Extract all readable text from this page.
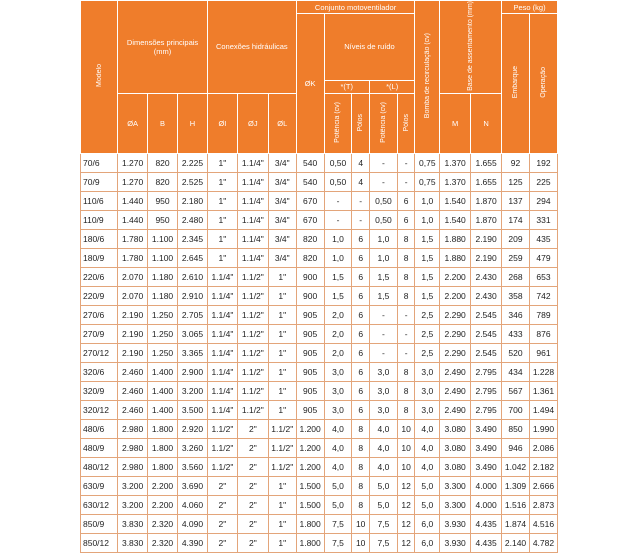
Modelo	Dimensões principais (mm)			Conexões hidráulicas			Conjunto motoventilador					Bomba de recirculação (cv)	Base de assentamento (mm)		Peso (kg)	
							ØK	Níveis de ruído							Embarque	Operação
								*(T)		*(L)						
	ØA	B	H	ØI	ØJ	ØL		Potência (cv)	Pólos	Potência (cv)	Pólos		M	N		
70/6	1.270	820	2.225	1"	1.1/4"	3/4"	540	0,50	4	-	-	0,75	1.370	1.655	92	192
70/9	1.270	820	2.525	1"	1.1/4"	3/4"	540	0,50	4	-	-	0,75	1.370	1.655	125	225
110/6	1.440	950	2.180	1"	1.1/4"	3/4"	670	-	-	0,50	6	1,0	1.540	1.870	137	294
110/9	1.440	950	2.480	1"	1.1/4"	3/4"	670	-	-	0,50	6	1,0	1.540	1.870	174	331
180/6	1.780	1.100	2.345	1"	1.1/4"	3/4"	820	1,0	6	1,0	8	1,5	1.880	2.190	209	435
180/9	1.780	1.100	2.645	1"	1.1/4"	3/4"	820	1,0	6	1,0	8	1,5	1.880	2.190	259	479
220/6	2.070	1.180	2.610	1.1/4"	1.1/2"	1"	900	1,5	6	1,5	8	1,5	2.200	2.430	268	653
220/9	2.070	1.180	2.910	1.1/4"	1.1/2"	1"	900	1,5	6	1,5	8	1,5	2.200	2.430	358	742
270/6	2.190	1.250	2.705	1.1/4"	1.1/2"	1"	905	2,0	6	-	-	2,5	2.290	2.545	346	789
270/9	2.190	1.250	3.065	1.1/4"	1.1/2"	1"	905	2,0	6	-	-	2,5	2.290	2.545	433	876
270/12	2.190	1.250	3.365	1.1/4"	1.1/2"	1"	905	2,0	6	-	-	2,5	2.290	2.545	520	961
320/6	2.460	1.400	2.900	1.1/4"	1.1/2"	1"	905	3,0	6	3,0	8	3,0	2.490	2.795	434	1.228
320/9	2.460	1.400	3.200	1.1/4"	1.1/2"	1"	905	3,0	6	3,0	8	3,0	2.490	2.795	567	1.361
320/12	2.460	1.400	3.500	1.1/4"	1.1/2"	1"	905	3,0	6	3,0	8	3,0	2.490	2.795	700	1.494
480/6	2.980	1.800	2.920	1.1/2"	2"	1.1/2"	1.200	4,0	8	4,0	10	4,0	3.080	3.490	850	1.990
480/9	2.980	1.800	3.260	1.1/2"	2"	1.1/2"	1.200	4,0	8	4,0	10	4,0	3.080	3.490	946	2.086
480/12	2.980	1.800	3.560	1.1/2"	2"	1.1/2"	1.200	4,0	8	4,0	10	4,0	3.080	3.490	1.042	2.182
630/9	3.200	2.200	3.690	2"	2"	1"	1.500	5,0	8	5,0	12	5,0	3.300	4.000	1.309	2.666
630/12	3.200	2.200	4.060	2"	2"	1"	1.500	5,0	8	5,0	12	5,0	3.300	4.000	1.516	2.873
850/9	3.830	2.320	4.090	2"	2"	1"	1.800	7,5	10	7,5	12	6,0	3.930	4.435	1.874	4.516
850/12	3.830	2.320	4.390	2"	2"	1"	1.800	7,5	10	7,5	12	6,0	3.930	4.435	2.140	4.782
